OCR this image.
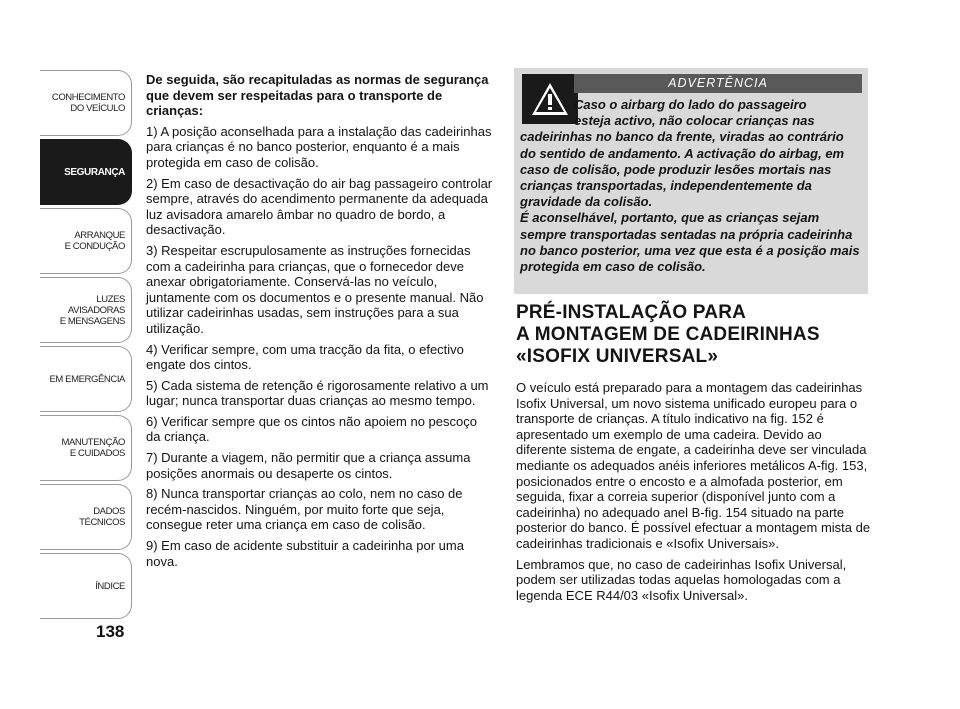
CONHECIMENTO
DO VEÍCULO
SEGURANÇA
ARRANQUE
E CONDUÇÃO
LUZES
AVISADORAS
E MENSAGENS
EM EMERGÊNCIA
MANUTENÇÃO
E CUIDADOS
DADOS
TÉCNICOS
ÍNDICE
138

De seguida, são recapituladas as normas de segurança que devem ser respeitadas para o transporte de crianças:

1) A posição aconselhada para a instalação das cadeirinhas para crianças é no banco posterior, enquanto é a mais protegida em caso de colisão.

2) Em caso de desactivação do air bag passageiro controlar sempre, através do acendimento permanente da adequada luz avisadora amarelo âmbar no quadro de bordo, a desactivação.

3) Respeitar escrupulosamente as instruções fornecidas com a cadeirinha para crianças, que o fornecedor deve anexar obrigatoriamente. Conservá-las no veículo, juntamente com os documentos e o presente manual. Não utilizar cadeirinhas usadas, sem instruções para a sua utilização.

4) Verificar sempre, com uma tracção da fita, o efectivo engate dos cintos.

5) Cada sistema de retenção é rigorosamente relativo a um lugar; nunca transportar duas crianças ao mesmo tempo.

6) Verificar sempre que os cintos não apoiem no pescoço da criança.

7) Durante a viagem, não permitir que a criança assuma posições anormais ou desaperte os cintos.

8) Nunca transportar crianças ao colo, nem no caso de recém-nascidos. Ninguém, por muito forte que seja, consegue reter uma criança em caso de colisão.

9) Em caso de acidente substituir a cadeirinha por uma nova.

ADVERTÊNCIA
Caso o airbarg do lado do passageiro
esteja activo, não colocar crianças nas
cadeirinhas no banco da frente, viradas ao contrário do sentido de andamento. A activação do airbag, em caso de colisão, pode produzir lesões mortais nas crianças transportadas, independentemente da gravidade da colisão.
É aconselhável, portanto, que as crianças sejam sempre transportadas sentadas na própria cadeirinha no banco posterior, uma vez que esta é a posição mais protegida em caso de colisão.
PRÉ-INSTALAÇÃO PARA
A MONTAGEM DE CADEIRINHAS
«ISOFIX UNIVERSAL»

O veículo está preparado para a montagem das cadeirinhas Isofix Universal, um novo sistema unificado europeu para o transporte de crianças. A título indicativo na fig. 152 é apresentado um exemplo de uma cadeira. Devido ao diferente sistema de engate, a cadeirinha deve ser vinculada mediante os adequados anéis inferiores metálicos A-fig. 153, posicionados entre o encosto e a almofada posterior, em seguida, fixar a correia superior (disponível junto com a cadeirinha) no adequado anel B-fig. 154 situado na parte posterior do banco. É possível efectuar a montagem mista de cadeirinhas tradicionais e «Isofix Universais».

Lembramos que, no caso de cadeirinhas Isofix Universal, podem ser utilizadas todas aquelas homologadas com a legenda ECE R44/03 «Isofix Universal».
